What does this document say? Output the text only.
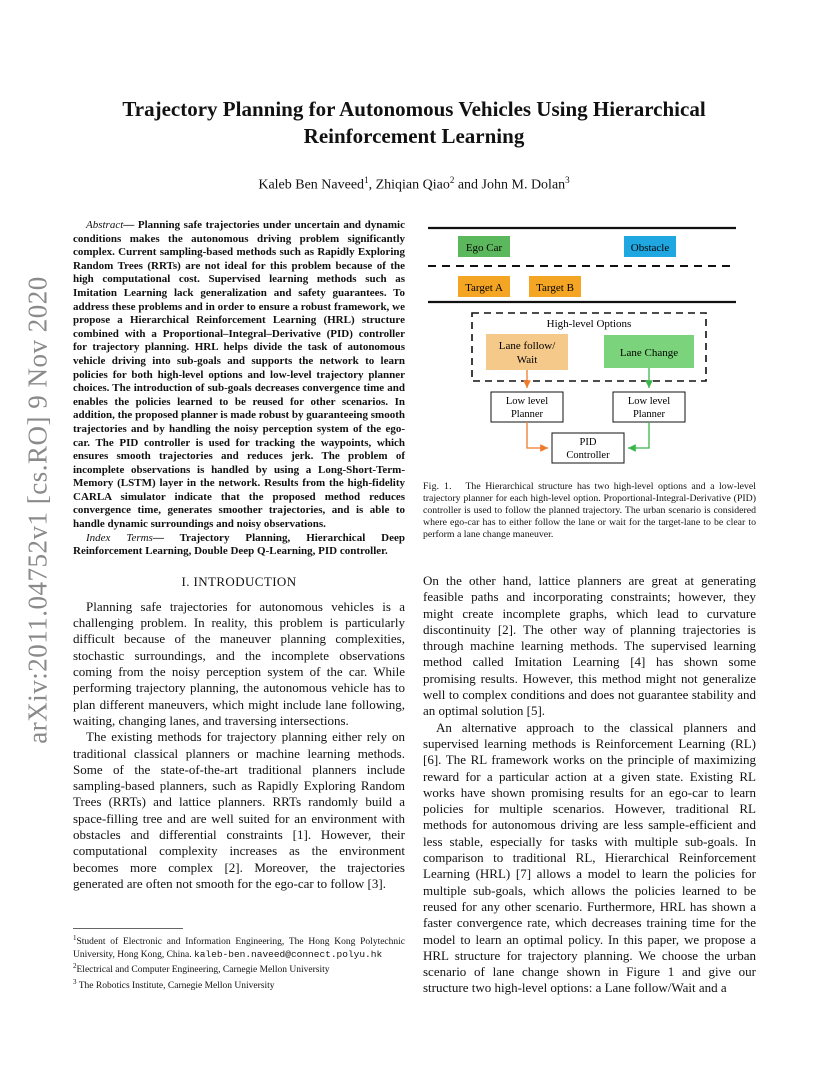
arXiv:2011.04752v1 [cs.RO] 9 Nov 2020
Trajectory Planning for Autonomous Vehicles Using Hierarchical Reinforcement Learning
Kaleb Ben Naveed$^1$, Zhiqian Qiao$^2$ and John M. Dolan$^3$

Abstract— Planning safe trajectories under uncertain and dynamic conditions makes the autonomous driving problem significantly complex. Current sampling-based methods such as Rapidly Exploring Random Trees (RRTs) are not ideal for this problem because of the high computational cost. Supervised learning methods such as Imitation Learning lack generalization and safety guarantees. To address these problems and in order to ensure a robust framework, we propose a Hierarchical Reinforcement Learning (HRL) structure combined with a Proportional–Integral–Derivative (PID) controller for trajectory planning. HRL helps divide the task of autonomous vehicle driving into sub-goals and supports the network to learn policies for both high-level options and low-level trajectory planner choices. The introduction of sub-goals decreases convergence time and enables the policies learned to be reused for other scenarios. In addition, the proposed planner is made robust by guaranteeing smooth trajectories and by handling the noisy perception system of the ego-car. The PID controller is used for tracking the waypoints, which ensures smooth trajectories and reduces jerk. The problem of incomplete observations is handled by using a Long-Short-Term-Memory (LSTM) layer in the network. Results from the high-fidelity CARLA simulator indicate that the proposed method reduces convergence time, generates smoother trajectories, and is able to handle dynamic surroundings and noisy observations.

Index Terms— Trajectory Planning, Hierarchical Deep Reinforcement Learning, Double Deep Q-Learning, PID controller.

I. INTRODUCTION

Planning safe trajectories for autonomous vehicles is a challenging problem. In reality, this problem is particularly difficult because of the maneuver planning complexities, stochastic surroundings, and the incomplete observations coming from the noisy perception system of the car. While performing trajectory planning, the autonomous vehicle has to plan different maneuvers, which might include lane following, waiting, changing lanes, and traversing intersections.

The existing methods for trajectory planning either rely on traditional classical planners or machine learning methods. Some of the state-of-the-art traditional planners include sampling-based planners, such as Rapidly Exploring Random Trees (RRTs) and lattice planners. RRTs randomly build a space-filling tree and are well suited for an environment with obstacles and differential constraints [1]. However, their computational complexity increases as the environment becomes more complex [2]. Moreover, the trajectories generated are often not smooth for the ego-car to follow [3].

$^1$Student of Electronic and Information Engineering, The Hong Kong Polytechnic University, Hong Kong, China. kaleb-ben.naveed@connect.polyu.hk

$^2$Electrical and Computer Engineering, Carnegie Mellon University

$^3$ The Robotics Institute, Carnegie Mellon University

Ego Car	Obstacle
Target A	Target B
High-level Options
Lane follow/
Wait
Lane Change
Low level
Planner
Low level
Planner
PID
Controller
Fig. 1. The Hierarchical structure has two high-level options and a low-level trajectory planner for each high-level option. Proportional-Integral-Derivative (PID) controller is used to follow the planned trajectory. The urban scenario is considered where ego-car has to either follow the lane or wait for the target-lane to be clear to perform a lane change maneuver.

On the other hand, lattice planners are great at generating feasible paths and incorporating constraints; however, they might create incomplete graphs, which lead to curvature discontinuity [2]. The other way of planning trajectories is through machine learning methods. The supervised learning method called Imitation Learning [4] has shown some promising results. However, this method might not generalize well to complex conditions and does not guarantee stability and an optimal solution [5].

An alternative approach to the classical planners and supervised learning methods is Reinforcement Learning (RL) [6]. The RL framework works on the principle of maximizing reward for a particular action at a given state. Existing RL works have shown promising results for an ego-car to learn policies for multiple scenarios. However, traditional RL methods for autonomous driving are less sample-efficient and less stable, especially for tasks with multiple sub-goals. In comparison to traditional RL, Hierarchical Reinforcement Learning (HRL) [7] allows a model to learn the policies for multiple sub-goals, which allows the policies learned to be reused for any other scenario. Furthermore, HRL has shown a faster convergence rate, which decreases training time for the model to learn an optimal policy. In this paper, we propose a HRL structure for trajectory planning. We choose the urban scenario of lane change shown in Figure 1 and give our structure two high-level options: a Lane follow/Wait and a
